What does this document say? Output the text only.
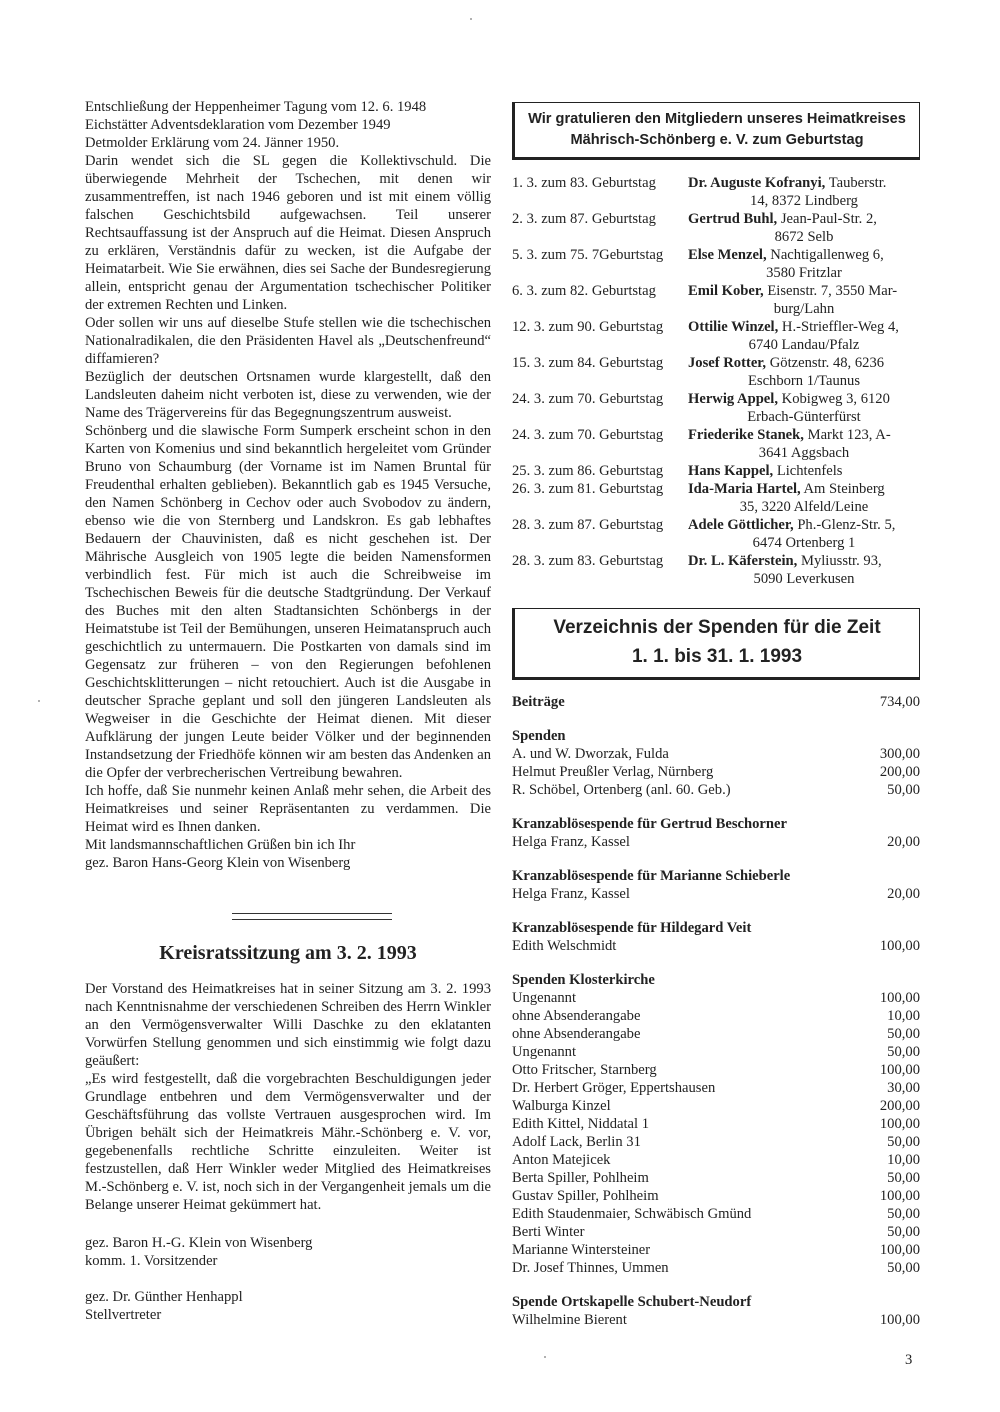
Entschließung der Heppenheimer Tagung vom 12. 6. 1948

Eichstätter Adventsdeklaration vom Dezember 1949

Detmolder Erklärung vom 24. Jänner 1950.

Darin wendet sich die SL gegen die Kollektivschuld. Die überwiegende Mehrheit der Tschechen, mit denen wir zusammentreffen, ist nach 1946 geboren und ist mit einem völlig falschen Geschichtsbild aufgewachsen. Teil unserer Rechtsauffassung ist der Anspruch auf die Heimat. Diesen Anspruch zu erklären, Verständnis dafür zu wecken, ist die Aufgabe der Heimatarbeit. Wie Sie erwähnen, dies sei Sache der Bundesregierung allein, entspricht genau der Argumentation tschechischer Politiker der extremen Rechten und Linken.

Oder sollen wir uns auf dieselbe Stufe stellen wie die tschechischen Nationalradikalen, die den Präsidenten Havel als „Deutschenfreund“ diffamieren?

Bezüglich der deutschen Ortsnamen wurde klargestellt, daß den Landsleuten daheim nicht verboten ist, diese zu verwenden, wie der Name des Trägervereins für das Begegnungszentrum ausweist.

Schönberg und die slawische Form Sumperk erscheint schon in den Karten von Komenius und sind bekanntlich hergeleitet vom Gründer Bruno von Schaumburg (der Vorname ist im Namen Bruntal für Freudenthal erhalten geblieben). Bekanntlich gab es 1945 Versuche, den Namen Schönberg in Cechov oder auch Svobodov zu ändern, ebenso wie die von Sternberg und Landskron. Es gab lebhaftes Bedauern der Chauvinisten, daß es nicht geschehen ist. Der Mährische Ausgleich von 1905 legte die beiden Namensformen verbindlich fest. Für mich ist auch die Schreibweise im Tschechischen Beweis für die deutsche Stadtgründung. Der Verkauf des Buches mit den alten Stadtansichten Schönbergs in der Heimatstube ist Teil der Bemühungen, unseren Heimatanspruch auch geschichtlich zu untermauern. Die Postkarten von damals sind im Gegensatz zur früheren – von den Regierungen befohlenen Geschichtsklitterungen – nicht retouchiert. Auch ist die Ausgabe in deutscher Sprache geplant und soll den jüngeren Landsleuten als Wegweiser in die Geschichte der Heimat dienen. Mit dieser Aufklärung der jungen Leute beider Völker und der beginnenden Instandsetzung der Friedhöfe können wir am besten das Andenken an die Opfer der verbrecherischen Vertreibung bewahren.

Ich hoffe, daß Sie nunmehr keinen Anlaß mehr sehen, die Arbeit des Heimatkreises und seiner Repräsentanten zu verdammen. Die Heimat wird es Ihnen danken.

Mit landsmannschaftlichen Grüßen bin ich Ihr

gez. Baron Hans-Georg Klein von Wisenberg

Kreisratssitzung am 3. 2. 1993

Der Vorstand des Heimatkreises hat in seiner Sitzung am 3. 2. 1993 nach Kenntnisnahme der verschiedenen Schreiben des Herrn Winkler an den Vermögensverwalter Willi Daschke zu den eklatanten Vorwürfen Stellung genommen und sich einstimmig wie folgt dazu geäußert:

„Es wird festgestellt, daß die vorgebrachten Beschuldigungen jeder Grundlage entbehren und dem Vermögensverwalter und der Geschäftsführung das vollste Vertrauen ausgesprochen wird. Im Übrigen behält sich der Heimatkreis Mähr.-Schönberg e. V. vor, gegebenenfalls rechtliche Schritte einzuleiten. Weiter ist festzustellen, daß Herr Winkler weder Mitglied des Heimatkreises M.-Schönberg e. V. ist, noch sich in der Vergangenheit jemals um die Belange unserer Heimat gekümmert hat.

gez. Baron H.-G. Klein von Wisenberg

komm. 1. Vorsitzender

gez. Dr. Günther Henhappl

Stellvertreter

Wir gratulieren den Mitgliedern unseres Heimatkreises
Mährisch-Schönberg e. V. zum Geburtstag
1. 3. zum 83. Geburtstag	Dr. Auguste Kofranyi, Tauberstr.
14, 8372 Lindberg
2. 3. zum 87. Geburtstag	Gertrud Buhl, Jean-Paul-Str. 2,
8672 Selb
5. 3. zum 75. 7Geburtstag	Else Menzel, Nachtigallenweg 6,
3580 Fritzlar
6. 3. zum 82. Geburtstag	Emil Kober, Eisenstr. 7, 3550 Mar-
burg/Lahn
12. 3. zum 90. Geburtstag	Ottilie Winzel, H.-Strieffler-Weg 4,
6740 Landau/Pfalz
15. 3. zum 84. Geburtstag	Josef Rotter, Götzenstr. 48, 6236
Eschborn 1/Taunus
24. 3. zum 70. Geburtstag	Herwig Appel, Kobigweg 3, 6120
Erbach-Günterfürst
24. 3. zum 70. Geburtstag	Friederike Stanek, Markt 123, A-
3641 Aggsbach
25. 3. zum 86. Geburtstag	Hans Kappel, Lichtenfels
26. 3. zum 81. Geburtstag	Ida-Maria Hartel, Am Steinberg
35, 3220 Alfeld/Leine
28. 3. zum 87. Geburtstag	Adele Göttlicher, Ph.-Glenz-Str. 5,
6474 Ortenberg 1
28. 3. zum 83. Geburtstag	Dr. L. Käferstein, Myliusstr. 93,
5090 Leverkusen
Verzeichnis der Spenden für die Zeit
1. 1. bis 31. 1. 1993
Beiträge	734,00
Spenden
A. und W. Dworzak, Fulda	300,00
Helmut Preußler Verlag, Nürnberg	200,00
R. Schöbel, Ortenberg (anl. 60. Geb.)	50,00
Kranzablösespende für Gertrud Beschorner
Helga Franz, Kassel	20,00
Kranzablösespende für Marianne Schieberle
Helga Franz, Kassel	20,00
Kranzablösespende für Hildegard Veit
Edith Welschmidt	100,00
Spenden Klosterkirche
Ungenannt	100,00
ohne Absenderangabe	10,00
ohne Absenderangabe	50,00
Ungenannt	50,00
Otto Fritscher, Starnberg	100,00
Dr. Herbert Gröger, Eppertshausen	30,00
Walburga Kinzel	200,00
Edith Kittel, Niddatal 1	100,00
Adolf Lack, Berlin 31	50,00
Anton Matejicek	10,00
Berta Spiller, Pohlheim	50,00
Gustav Spiller, Pohlheim	100,00
Edith Staudenmaier, Schwäbisch Gmünd	50,00
Berti Winter	50,00
Marianne Wintersteiner	100,00
Dr. Josef Thinnes, Ummen	50,00
Spende Ortskapelle Schubert-Neudorf
Wilhelmine Bierent	100,00
3
